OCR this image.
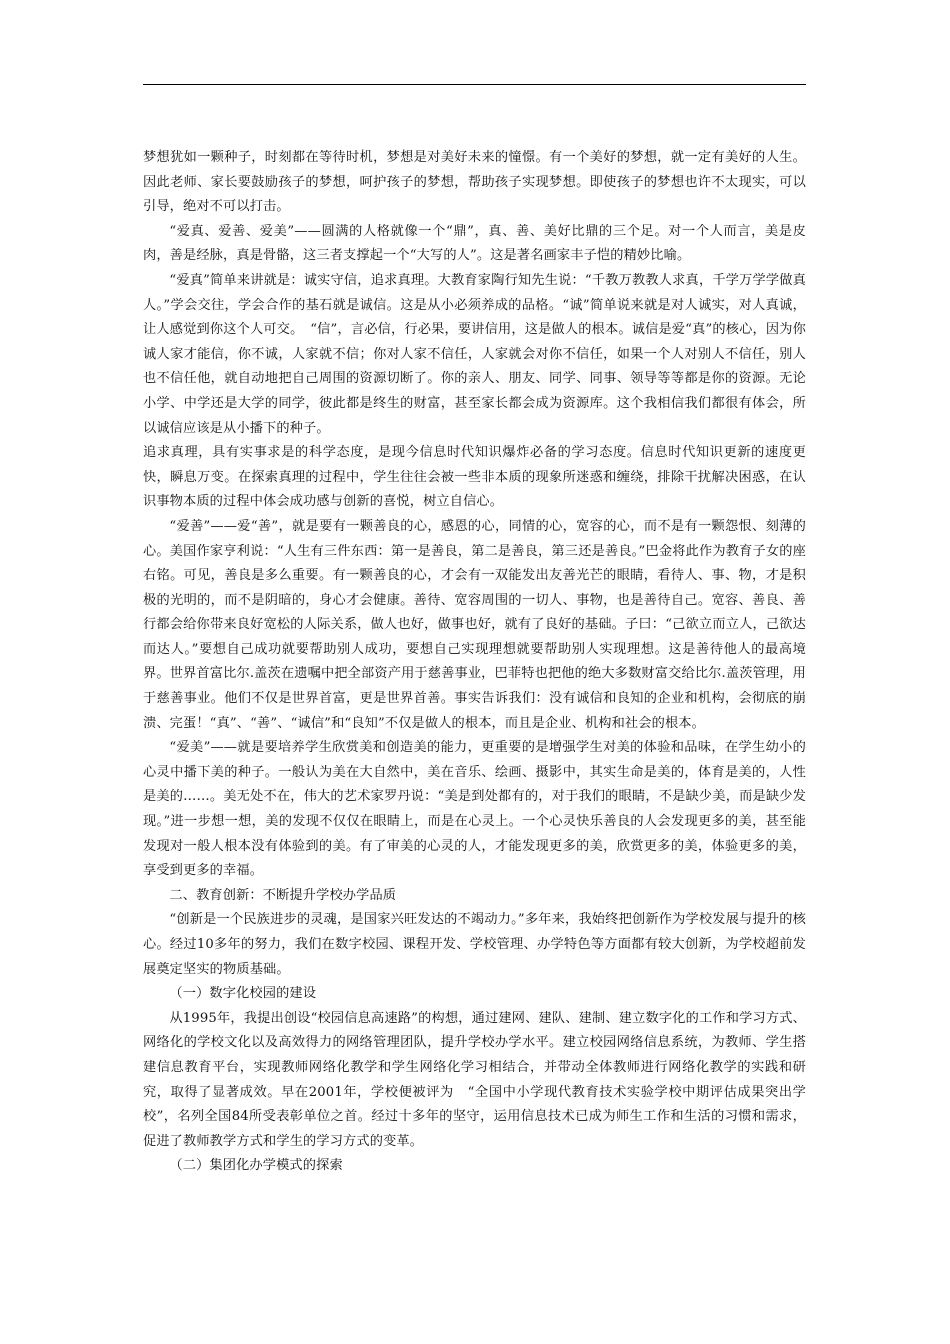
梦想犹如一颗种子，时刻都在等待时机，梦想是对美好未来的憧憬。有一个美好的梦想，就一定有美好的人生。因此老师、家长要鼓励孩子的梦想，呵护孩子的梦想，帮助孩子实现梦想。即使孩子的梦想也许不太现实，可以引导，绝对不可以打击。

“爱真、爱善、爱美”——圆满的人格就像一个“鼎”，真、善、美好比鼎的三个足。对一个人而言，美是皮肉，善是经脉，真是骨骼，这三者支撑起一个“大写的人”。这是著名画家丰子恺的精妙比喻。

“爱真”简单来讲就是：诚实守信，追求真理。大教育家陶行知先生说：“千教万教教人求真，千学万学学做真人。”学会交往，学会合作的基石就是诚信。这是从小必须养成的品格。“诚”简单说来就是对人诚实，对人真诚，让人感觉到你这个人可交。　“信”，言必信，行必果，要讲信用，这是做人的根本。诚信是爱“真”的核心，因为你诚人家才能信，你不诚，人家就不信；你对人家不信任，人家就会对你不信任，如果一个人对别人不信任，别人也不信任他，就自动地把自己周围的资源切断了。你的亲人、朋友、同学、同事、领导等等都是你的资源。无论小学、中学还是大学的同学，彼此都是终生的财富，甚至家长都会成为资源库。这个我相信我们都很有体会，所以诚信应该是从小播下的种子。

追求真理，具有实事求是的科学态度，是现今信息时代知识爆炸必备的学习态度。信息时代知识更新的速度更快，瞬息万变。在探索真理的过程中，学生往往会被一些非本质的现象所迷惑和缠绕，排除干扰解决困惑，在认识事物本质的过程中体会成功感与创新的喜悦，树立自信心。

“爱善”——爱“善”，就是要有一颗善良的心，感恩的心，同情的心，宽容的心，而不是有一颗怨恨、刻薄的心。美国作家亨利说：“人生有三件东西：第一是善良，第二是善良，第三还是善良。”巴金将此作为教育子女的座右铭。可见，善良是多么重要。有一颗善良的心，才会有一双能发出友善光芒的眼睛，看待人、事、物，才是积极的光明的，而不是阴暗的，身心才会健康。善待、宽容周围的一切人、事物，也是善待自己。宽容、善良、善行都会给你带来良好宽松的人际关系，做人也好，做事也好，就有了良好的基础。子曰：“己欲立而立人，己欲达而达人。”要想自己成功就要帮助别人成功，要想自己实现理想就要帮助别人实现理想。这是善待他人的最高境界。世界首富比尔.盖茨在遗嘱中把全部资产用于慈善事业，巴菲特也把他的绝大多数财富交给比尔.盖茨管理，用于慈善事业。他们不仅是世界首富，更是世界首善。事实告诉我们：没有诚信和良知的企业和机构，会彻底的崩溃、完蛋！“真”、“善”、“诚信”和“良知”不仅是做人的根本，而且是企业、机构和社会的根本。

“爱美”——就是要培养学生欣赏美和创造美的能力，更重要的是增强学生对美的体验和品味，在学生幼小的心灵中播下美的种子。一般认为美在大自然中，美在音乐、绘画、摄影中，其实生命是美的，体育是美的，人性是美的……。美无处不在，伟大的艺术家罗丹说：“美是到处都有的，对于我们的眼睛，不是缺少美，而是缺少发现。”进一步想一想，美的发现不仅仅在眼睛上，而是在心灵上。一个心灵快乐善良的人会发现更多的美，甚至能发现对一般人根本没有体验到的美。有了审美的心灵的人，才能发现更多的美，欣赏更多的美，体验更多的美，享受到更多的幸福。

二、教育创新：不断提升学校办学品质

“创新是一个民族进步的灵魂，是国家兴旺发达的不竭动力。”多年来，我始终把创新作为学校发展与提升的核心。经过10多年的努力，我们在数字校园、课程开发、学校管理、办学特色等方面都有较大创新，为学校超前发展奠定坚实的物质基础。

（一）数字化校园的建设

从1995年，我提出创设“校园信息高速路”的构想，通过建网、建队、建制、建立数字化的工作和学习方式、网络化的学校文化以及高效得力的网络管理团队，提升学校办学水平。建立校园网络信息系统，为教师、学生搭建信息教育平台，实现教师网络化教学和学生网络化学习相结合，并带动全体教师进行网络化教学的实践和研究，取得了显著成效。早在2001年，学校便被评为　“全国中小学现代教育技术实验学校中期评估成果突出学校”，名列全国84所受表彰单位之首。经过十多年的坚守，运用信息技术已成为师生工作和生活的习惯和需求，促进了教师教学方式和学生的学习方式的变革。

（二）集团化办学模式的探索
